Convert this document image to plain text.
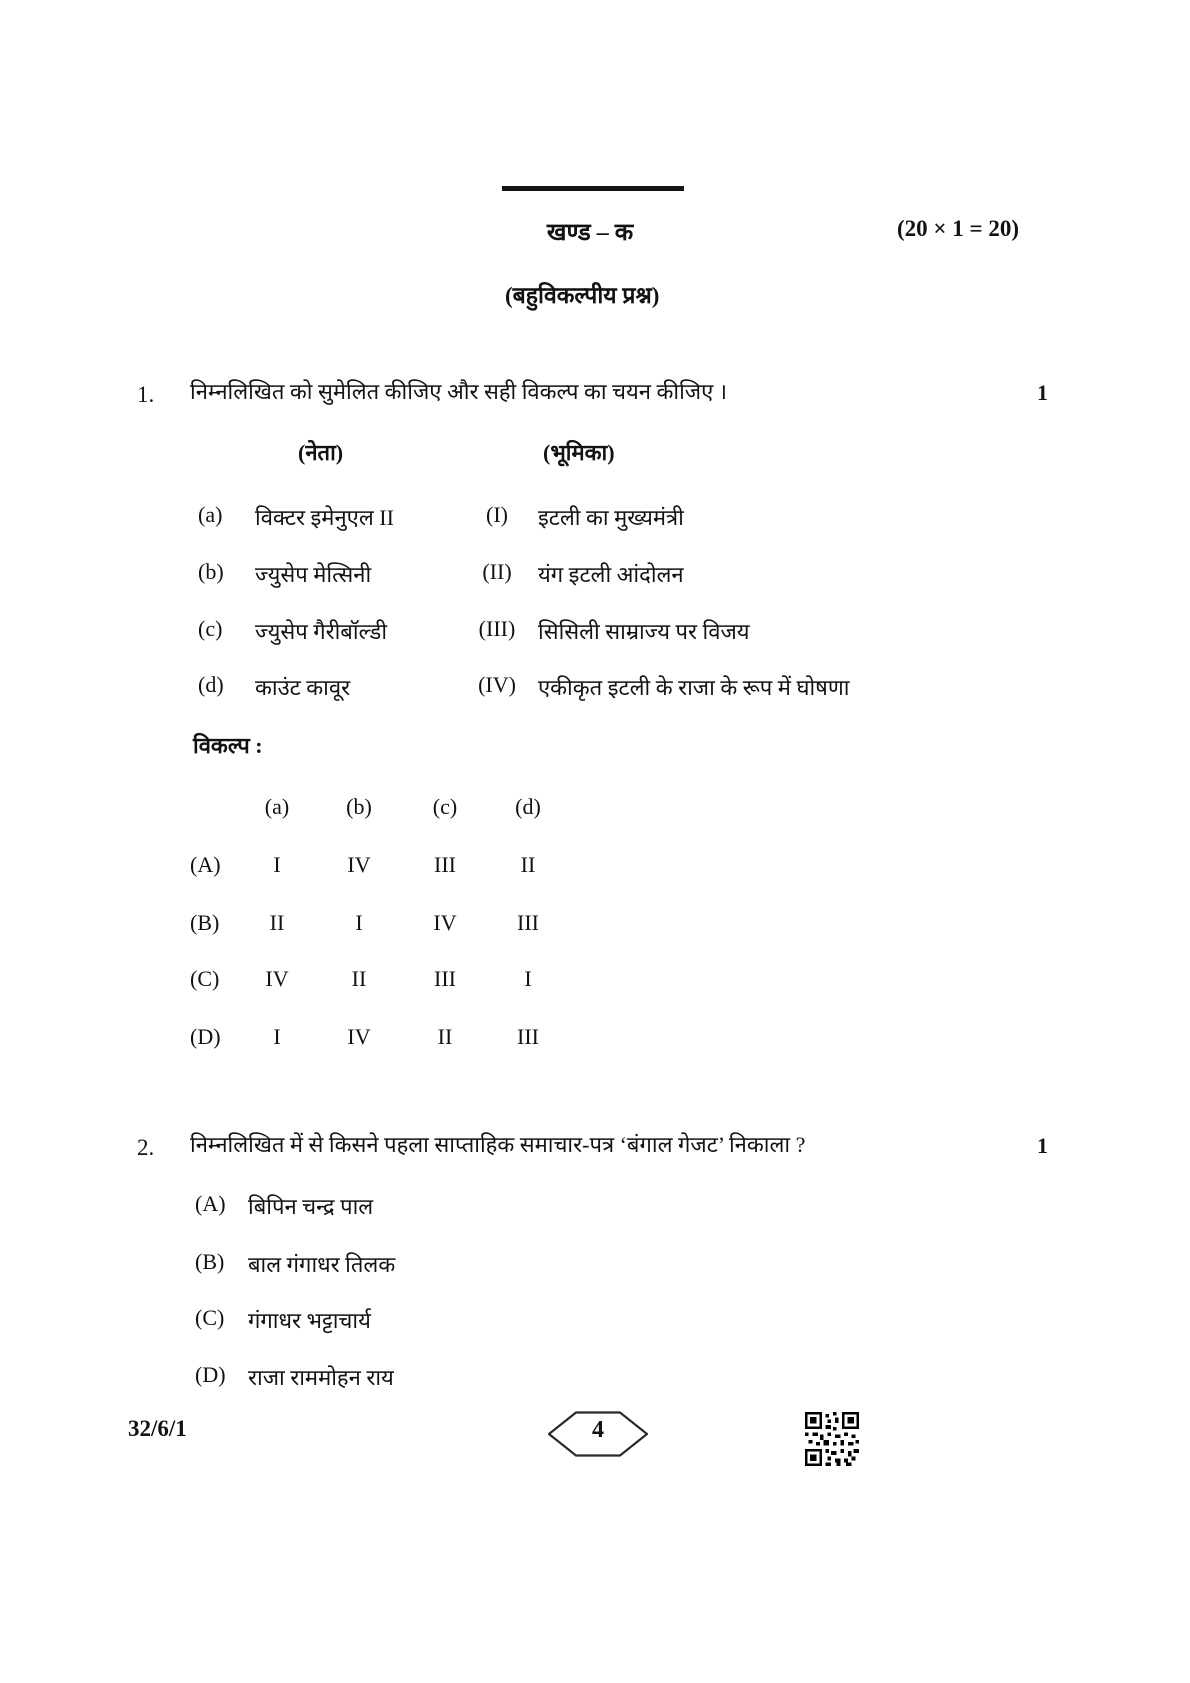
खण्ड – क	(20 × 1 = 20)
(बहुविकल्पीय प्रश्न)
1. निम्नलिखित को सुमेलित कीजिए और सही विकल्प का चयन कीजिए ।	1
(नेता)	(भूमिका)
(a) विक्टर इमेनुएल II	(I)	इटली का मुख्यमंत्री
(b) ज्युसेप मेत्सिनी	(II)	यंग इटली आंदोलन
(c) ज्युसेप गैरीबॉल्डी	(III)	सिसिली साम्राज्य पर विजय
(d) काउंट कावूर	(IV)	एकीकृत इटली के राजा के रूप में घोषणा
विकल्प :
(a)	(b)	(c)	(d)
(A)	I	IV	III	II
(B)	II	I	IV	III
(C)	IV	II	III	I
(D)	I	IV	II	III
2. निम्नलिखित में से किसने पहला साप्ताहिक समाचार-पत्र ‘बंगाल गेजट’ निकाला ?	1
(A) बिपिन चन्द्र पाल
(B) बाल गंगाधर तिलक
(C) गंगाधर भट्टाचार्य
(D) राजा राममोहन राय
32/6/1	4
